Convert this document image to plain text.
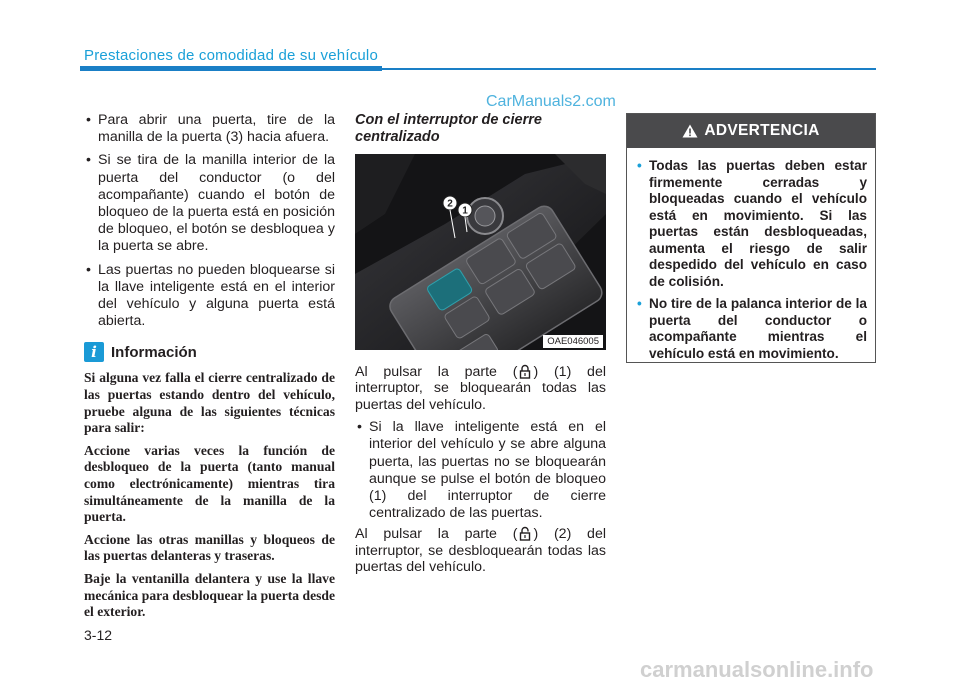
Prestaciones de comodidad de su vehículo
CarManuals2.com
• Para abrir una puerta, tire de la manilla de la puerta (3) hacia afuera.
• Si se tira de la manilla interior de la puerta del conductor (o del acompañante) cuando el botón de bloqueo de la puerta está en posición de bloqueo, el botón se desbloquea y la puerta se abre.
• Las puertas no pueden bloquearse si la llave inteligente está en el interior del vehículo y alguna puerta está abierta.
i Información

Si alguna vez falla el cierre centralizado de las puertas estando dentro del vehículo, pruebe alguna de las siguientes técnicas para salir:

Accione varias veces la función de desbloqueo de la puerta (tanto manual como electrónicamente) mientras tira simultáneamente de la manilla de la puerta.

Accione las otras manillas y bloqueos de las puertas delanteras y traseras.

Baje la ventanilla delantera y use la llave mecánica para desbloquear la puerta desde el exterior.

Con el interruptor de cierre centralizado

1
2
OAE046005

Al pulsar la parte ( ) (1) del interruptor, se bloquearán todas las puertas del vehículo.

• Si la llave inteligente está en el interior del vehículo y se abre alguna puerta, las puertas no se bloquearán aunque se pulse el botón de bloqueo (1) del interruptor de cierre centralizado de las puertas.

Al pulsar la parte ( ) (2) del interruptor, se desbloquearán todas las puertas del vehículo.

ADVERTENCIA
• Todas las puertas deben estar firmemente cerradas y bloqueadas cuando el vehículo está en movimiento. Si las puertas están desbloqueadas, aumenta el riesgo de salir despedido del vehículo en caso de colisión.
• No tire de la palanca interior de la puerta del conductor o acompañante mientras el vehículo está en movimiento.
3-12
carmanualsonline.info
